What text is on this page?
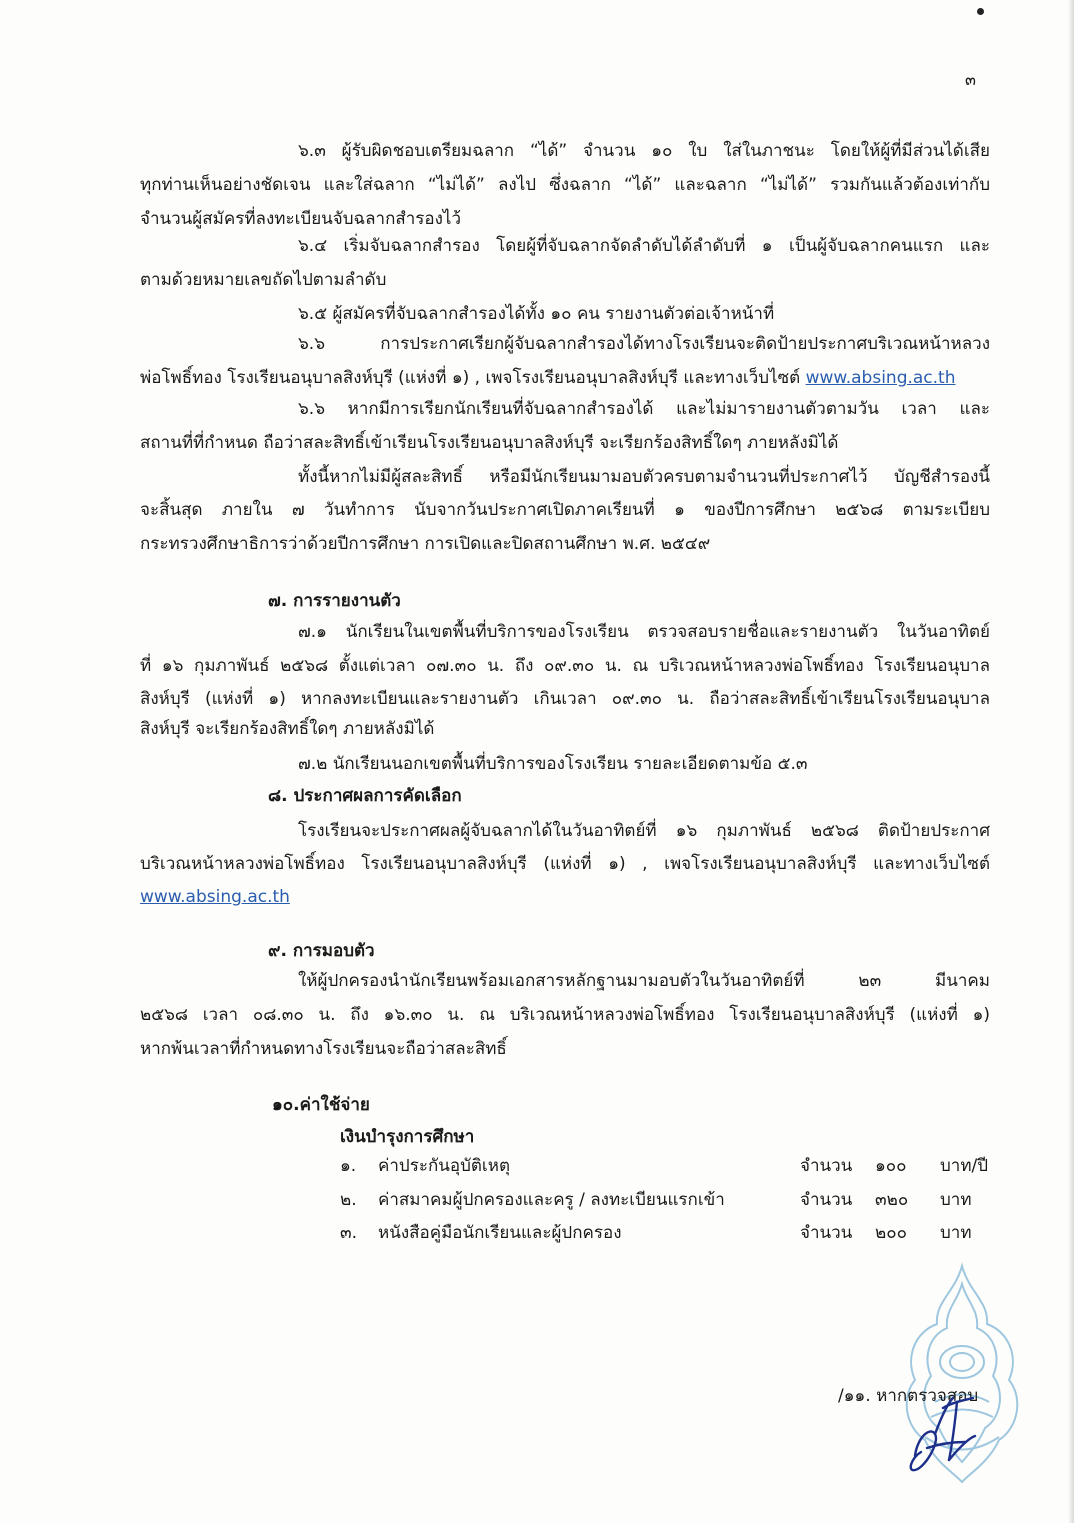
๓
๖.๓ ผู้รับผิดชอบเตรียมฉลาก “ได้” จำนวน ๑๐ ใบ ใส่ในภาชนะ โดยให้ผู้ที่มีส่วนได้เสีย
ทุกท่านเห็นอย่างชัดเจน และใส่ฉลาก “ไม่ได้” ลงไป ซึ่งฉลาก “ได้” และฉลาก “ไม่ได้” รวมกันแล้วต้องเท่ากับ
จำนวนผู้สมัครที่ลงทะเบียนจับฉลากสำรองไว้
๖.๔ เริ่มจับฉลากสำรอง โดยผู้ที่จับฉลากจัดลำดับได้ลำดับที่ ๑ เป็นผู้จับฉลากคนแรก และ
ตามด้วยหมายเลขถัดไปตามลำดับ
๖.๕ ผู้สมัครที่จับฉลากสำรองได้ทั้ง ๑๐ คน รายงานตัวต่อเจ้าหน้าที่
๖.๖ การประกาศเรียกผู้จับฉลากสำรองได้ทางโรงเรียนจะติดป้ายประกาศบริเวณหน้าหลวง
พ่อโพธิ์ทอง โรงเรียนอนุบาลสิงห์บุรี (แห่งที่ ๑) , เพจโรงเรียนอนุบาลสิงห์บุรี และทางเว็บไซต์ www.absing.ac.th
๖.๖ หากมีการเรียกนักเรียนที่จับฉลากสำรองได้ และไม่มารายงานตัวตามวัน เวลา และ
สถานที่ที่กำหนด ถือว่าสละสิทธิ์เข้าเรียนโรงเรียนอนุบาลสิงห์บุรี จะเรียกร้องสิทธิ์ใดๆ ภายหลังมิได้
ทั้งนี้หากไม่มีผู้สละสิทธิ์ หรือมีนักเรียนมามอบตัวครบตามจำนวนที่ประกาศไว้ บัญชีสำรองนี้
จะสิ้นสุด ภายใน ๗ วันทำการ นับจากวันประกาศเปิดภาคเรียนที่ ๑ ของปีการศึกษา ๒๕๖๘ ตามระเบียบ
กระทรวงศึกษาธิการว่าด้วยปีการศึกษา การเปิดและปิดสถานศึกษา พ.ศ. ๒๕๔๙
๗. การรายงานตัว
๗.๑ นักเรียนในเขตพื้นที่บริการของโรงเรียน ตรวจสอบรายชื่อและรายงานตัว ในวันอาทิตย์
ที่ ๑๖ กุมภาพันธ์ ๒๕๖๘ ตั้งแต่เวลา ๐๗.๓๐ น. ถึง ๐๙.๓๐ น. ณ บริเวณหน้าหลวงพ่อโพธิ์ทอง โรงเรียนอนุบาล
สิงห์บุรี (แห่งที่ ๑) หากลงทะเบียนและรายงานตัว เกินเวลา ๐๙.๓๐ น. ถือว่าสละสิทธิ์เข้าเรียนโรงเรียนอนุบาล
สิงห์บุรี จะเรียกร้องสิทธิ์ใดๆ ภายหลังมิได้
๗.๒ นักเรียนนอกเขตพื้นที่บริการของโรงเรียน รายละเอียดตามข้อ ๕.๓
๘. ประกาศผลการคัดเลือก
โรงเรียนจะประกาศผลผู้จับฉลากได้ในวันอาทิตย์ที่ ๑๖ กุมภาพันธ์ ๒๕๖๘ ติดป้ายประกาศ
บริเวณหน้าหลวงพ่อโพธิ์ทอง โรงเรียนอนุบาลสิงห์บุรี (แห่งที่ ๑) , เพจโรงเรียนอนุบาลสิงห์บุรี และทางเว็บไซต์
www.absing.ac.th
๙. การมอบตัว
ให้ผู้ปกครองนำนักเรียนพร้อมเอกสารหลักฐานมามอบตัวในวันอาทิตย์ที่ ๒๓ มีนาคม
๒๕๖๘ เวลา ๐๘.๓๐ น. ถึง ๑๖.๓๐ น. ณ บริเวณหน้าหลวงพ่อโพธิ์ทอง โรงเรียนอนุบาลสิงห์บุรี (แห่งที่ ๑)
หากพ้นเวลาที่กำหนดทางโรงเรียนจะถือว่าสละสิทธิ์
๑๐.ค่าใช้จ่าย
เงินบำรุงการศึกษา
๑. ค่าประกันอุบัติเหตุ	จำนวน ๑๐๐ บาท/ปี
๒. ค่าสมาคมผู้ปกครองและครู / ลงทะเบียนแรกเข้า	จำนวน ๓๒๐ บาท
๓. หนังสือคู่มือนักเรียนและผู้ปกครอง	จำนวน ๒๐๐ บาท
/๑๑. หากตรวจสอบ
